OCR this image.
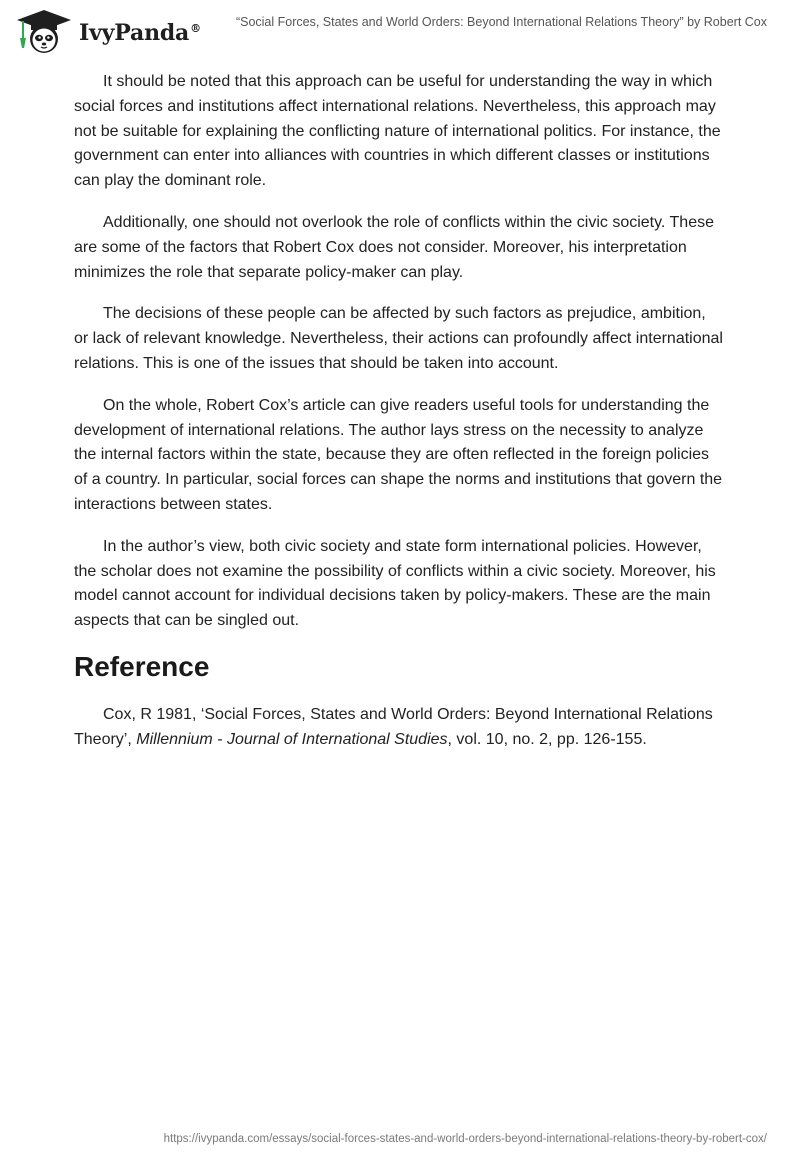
IvyPanda®	“Social Forces, States and World Orders: Beyond International Relations Theory” by Robert Cox

It should be noted that this approach can be useful for understanding the way in which social forces and institutions affect international relations. Nevertheless, this approach may not be suitable for explaining the conflicting nature of international politics. For instance, the government can enter into alliances with countries in which different classes or institutions can play the dominant role.

Additionally, one should not overlook the role of conflicts within the civic society. These are some of the factors that Robert Cox does not consider. Moreover, his interpretation minimizes the role that separate policy-maker can play.

The decisions of these people can be affected by such factors as prejudice, ambition, or lack of relevant knowledge. Nevertheless, their actions can profoundly affect international relations. This is one of the issues that should be taken into account.

On the whole, Robert Cox’s article can give readers useful tools for understanding the development of international relations. The author lays stress on the necessity to analyze the internal factors within the state, because they are often reflected in the foreign policies of a country. In particular, social forces can shape the norms and institutions that govern the interactions between states.

In the author’s view, both civic society and state form international policies. However, the scholar does not examine the possibility of conflicts within a civic society. Moreover, his model cannot account for individual decisions taken by policy-makers. These are the main aspects that can be singled out.

Reference

Cox, R 1981, ‘Social Forces, States and World Orders: Beyond International Relations Theory’, Millennium - Journal of International Studies, vol. 10, no. 2, pp. 126-155.

https://ivypanda.com/essays/social-forces-states-and-world-orders-beyond-international-relations-theory-by-robert-cox/
